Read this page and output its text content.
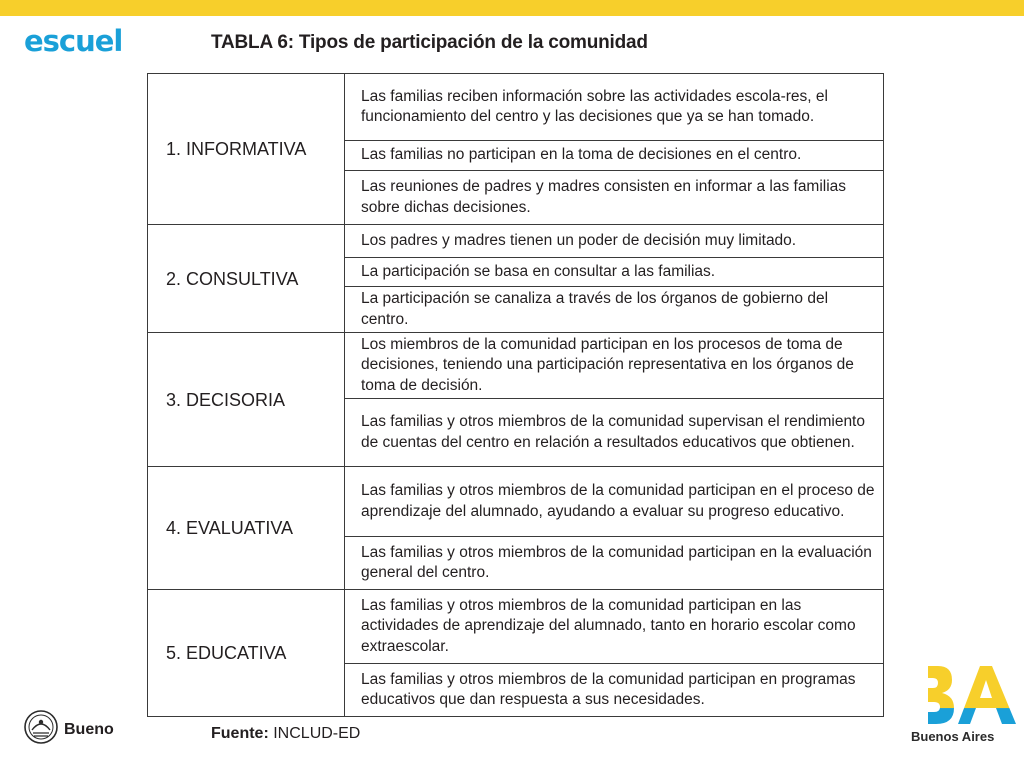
escuel	TABLA 6: Tipos de participación de la comunidad
1. INFORMATIVA	Las familias reciben información sobre las actividades escola-res, el funcionamiento del centro y las decisiones que ya se han tomado.
	Las familias no participan en la toma de decisiones en el centro.
	Las reuniones de padres y madres consisten en informar a las familias sobre dichas decisiones.
2. CONSULTIVA	Los padres y madres tienen un poder de decisión muy limitado.
	La participación se basa en consultar a las familias.
	La participación se canaliza a través de los órganos de gobierno del centro.
3. DECISORIA	Los miembros de la comunidad participan en los procesos de toma de decisiones, teniendo una participación representativa en los órganos de toma de decisión.
	Las familias y otros miembros de la comunidad supervisan el rendimiento de cuentas del centro en relación a resultados educativos que obtienen.
4. EVALUATIVA	Las familias y otros miembros de la comunidad participan en el proceso de aprendizaje del alumnado, ayudando a evaluar su progreso educativo.
	Las familias y otros miembros de la comunidad participan en la evaluación general del centro.
5. EDUCATIVA	Las familias y otros miembros de la comunidad participan en las actividades de aprendizaje del alumnado, tanto en horario escolar como extraescolar.
	Las familias y otros miembros de la comunidad participan en programas educativos que dan respuesta a sus necesidades.
Fuente: INCLUD-ED
Bueno	Buenos Aires
